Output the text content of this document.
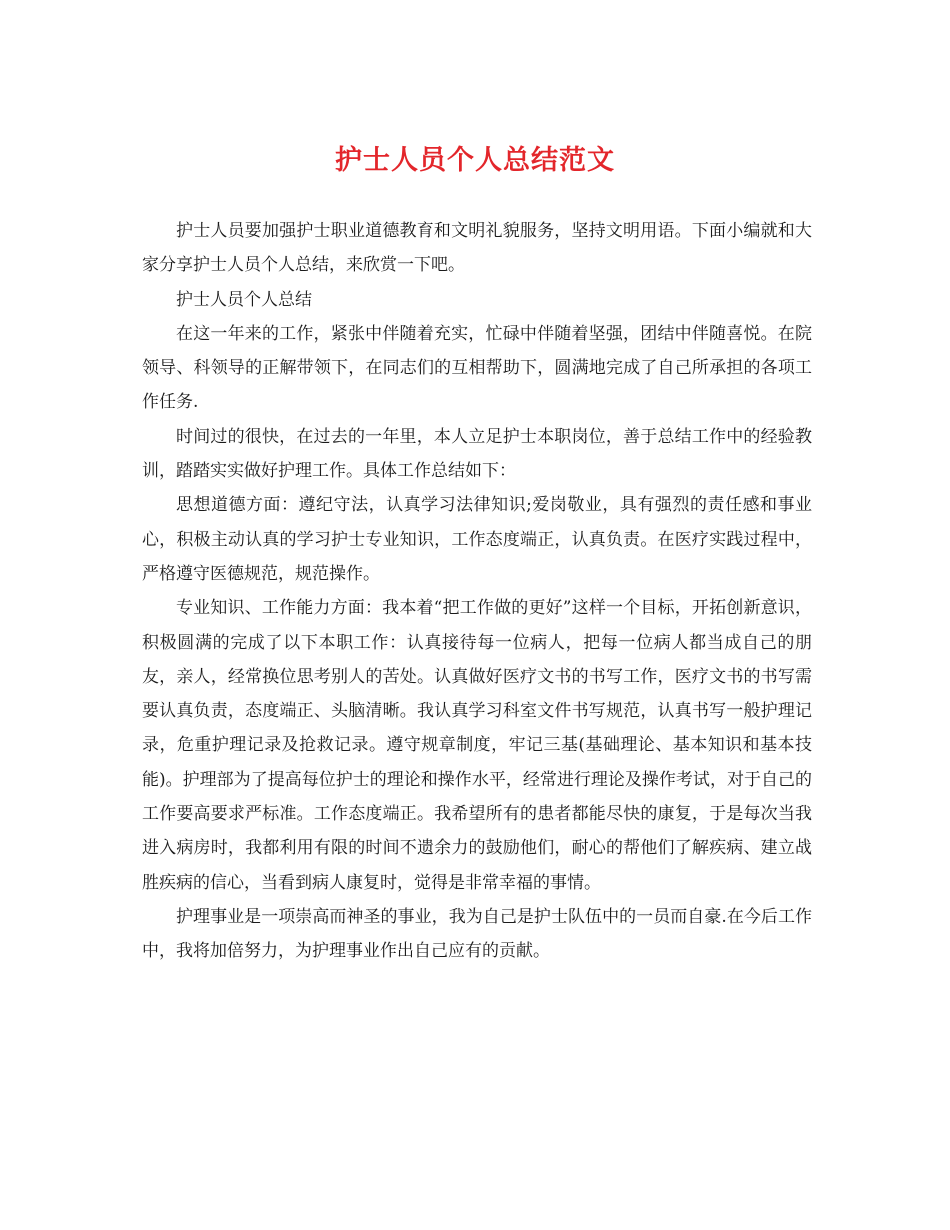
护士人员个人总结范文

护士人员要加强护士职业道德教育和文明礼貌服务，坚持文明用语。下面小编就和大家分享护士人员个人总结，来欣赏一下吧。

护士人员个人总结

在这一年来的工作，紧张中伴随着充实，忙碌中伴随着坚强，团结中伴随喜悦。在院领导、科领导的正解带领下，在同志们的互相帮助下，圆满地完成了自己所承担的各项工作任务.

时间过的很快，在过去的一年里，本人立足护士本职岗位，善于总结工作中的经验教训，踏踏实实做好护理工作。具体工作总结如下：

思想道德方面：遵纪守法，认真学习法律知识;爱岗敬业，具有强烈的责任感和事业心，积极主动认真的学习护士专业知识，工作态度端正，认真负责。在医疗实践过程中，严格遵守医德规范，规范操作。

专业知识、工作能力方面：我本着“把工作做的更好”这样一个目标，开拓创新意识，积极圆满的完成了以下本职工作：认真接待每一位病人，把每一位病人都当成自己的朋友，亲人，经常换位思考别人的苦处。认真做好医疗文书的书写工作，医疗文书的书写需要认真负责，态度端正、头脑清晰。我认真学习科室文件书写规范，认真书写一般护理记录，危重护理记录及抢救记录。遵守规章制度，牢记三基(基础理论、基本知识和基本技能)。护理部为了提高每位护士的理论和操作水平，经常进行理论及操作考试，对于自己的工作要高要求严标准。工作态度端正。我希望所有的患者都能尽快的康复，于是每次当我进入病房时，我都利用有限的时间不遗余力的鼓励他们，耐心的帮他们了解疾病、建立战胜疾病的信心，当看到病人康复时，觉得是非常幸福的事情。

护理事业是一项崇高而神圣的事业，我为自己是护士队伍中的一员而自豪.在今后工作中，我将加倍努力，为护理事业作出自己应有的贡献。
